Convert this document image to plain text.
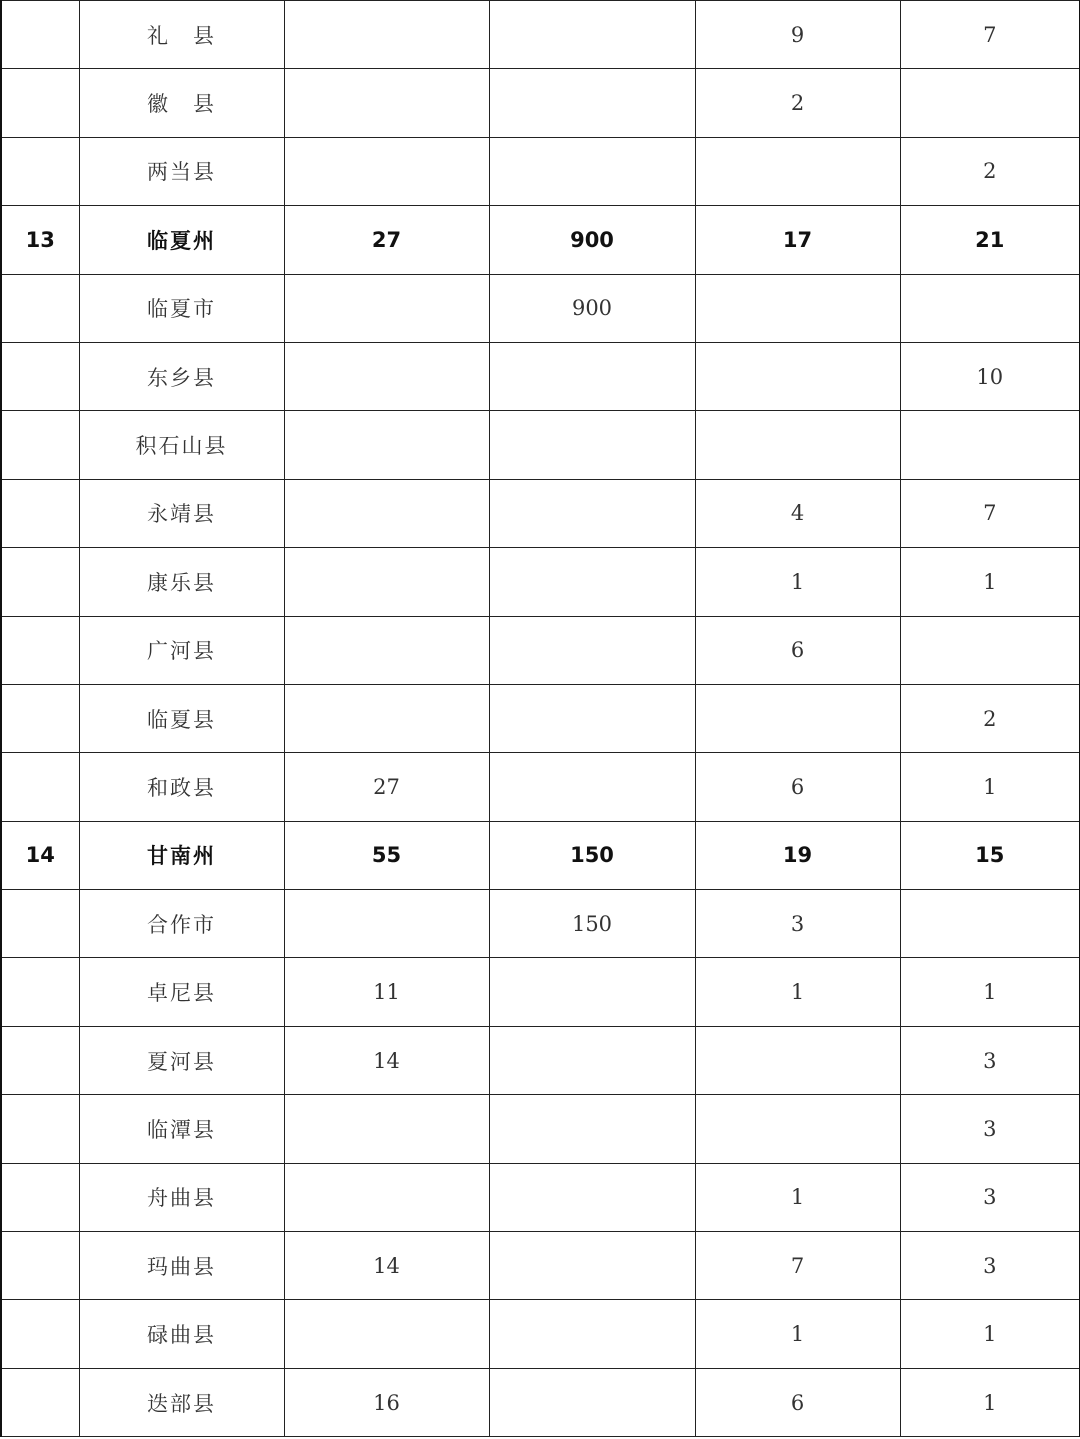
	礼　县			9	7
	徽　县			2	
	两当县				2
13	临夏州	27	900	17	21
	临夏市		900		
	东乡县				10
	积石山县				
	永靖县			4	7
	康乐县			1	1
	广河县			6	
	临夏县				2
	和政县	27		6	1
14	甘南州	55	150	19	15
	合作市		150	3	
	卓尼县	11		1	1
	夏河县	14			3
	临潭县				3
	舟曲县			1	3
	玛曲县	14		7	3
	碌曲县			1	1
	迭部县	16		6	1
